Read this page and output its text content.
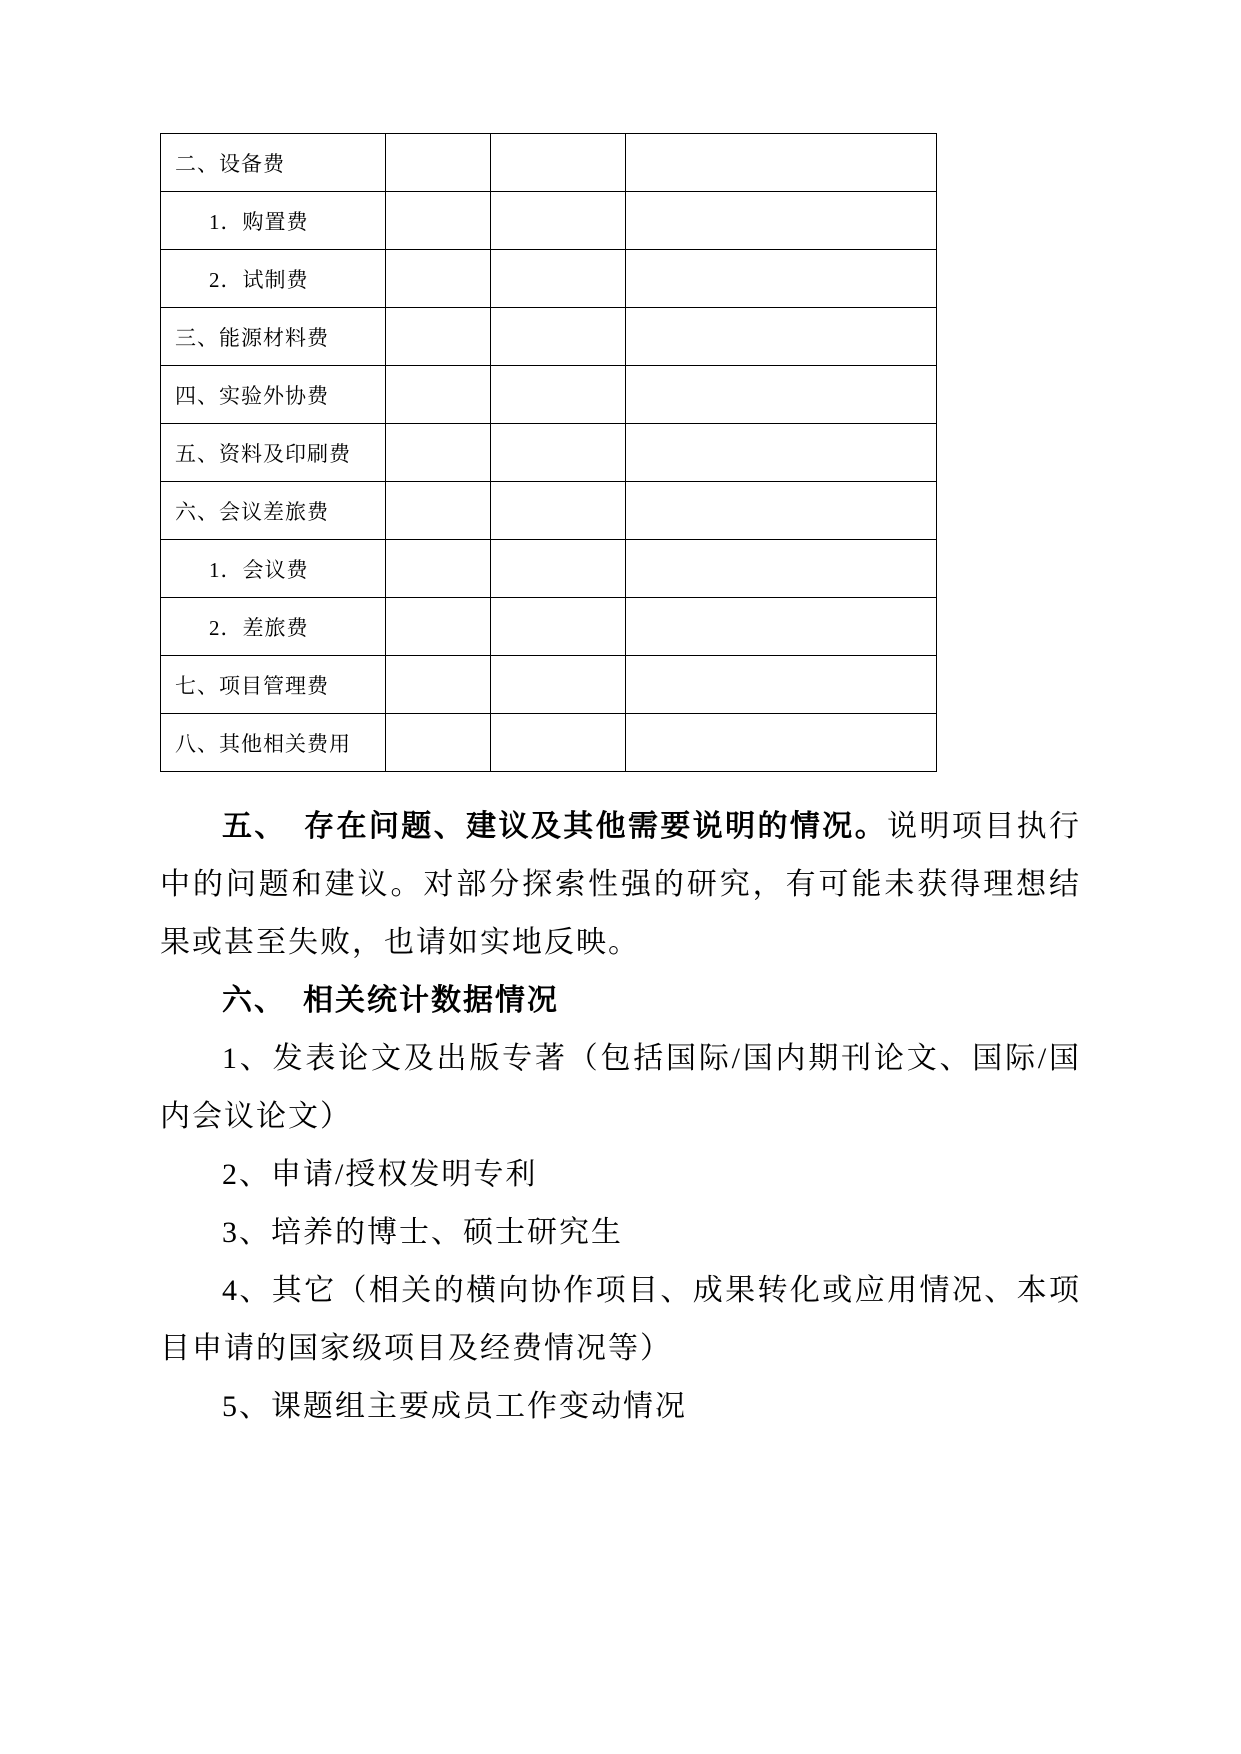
二、设备费			
1．购置费			
2．试制费			
三、能源材料费			
四、实验外协费			
五、资料及印刷费			
六、会议差旅费			
1．会议费			
2．差旅费			
七、项目管理费			
八、其他相关费用			

五、　存在问题、建议及其他需要说明的情况。说明项目执行中的问题和建议。对部分探索性强的研究，有可能未获得理想结果或甚至失败，也请如实地反映。

六、　相关统计数据情况

1、发表论文及出版专著（包括国际/国内期刊论文、国际/国内会议论文）

2、申请/授权发明专利

3、培养的博士、硕士研究生

4、其它（相关的横向协作项目、成果转化或应用情况、本项目申请的国家级项目及经费情况等）

5、课题组主要成员工作变动情况
